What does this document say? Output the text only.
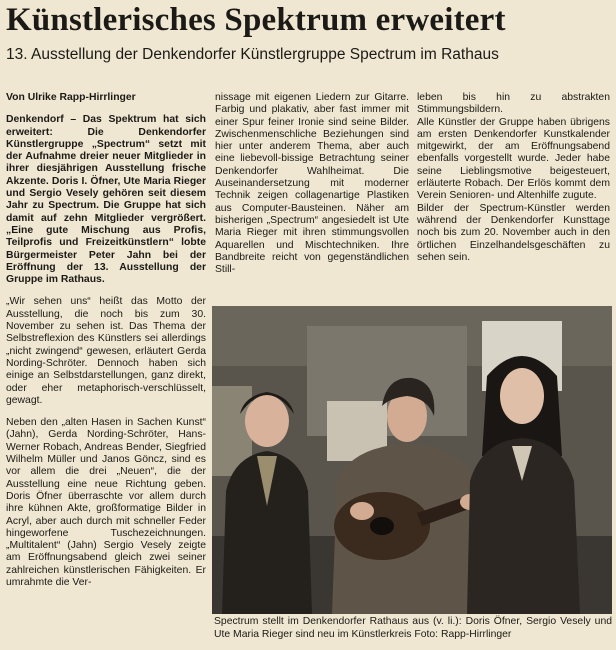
Künstlerisches Spektrum erweitert
13. Ausstellung der Denkendorfer Künstlergruppe Spectrum im Rathaus

Von Ulrike Rapp-Hirrlinger

Denkendorf – Das Spektrum hat sich erweitert: Die Denkendorfer Künstlergruppe „Spectrum“ setzt mit der Aufnahme dreier neuer Mitglieder in ihrer diesjährigen Ausstellung frische Akzente. Doris I. Öfner, Ute Maria Rieger und Sergio Vesely gehören seit diesem Jahr zu Spectrum. Die Gruppe hat sich damit auf zehn Mitglieder vergrößert. „Eine gute Mischung aus Profis, Teilprofis und Freizeitkünstlern“ lobte Bürgermeister Peter Jahn bei der Eröffnung der 13. Ausstellung der Gruppe im Rathaus.

„Wir sehen uns“ heißt das Motto der Ausstellung, die noch bis zum 30. November zu sehen ist. Das Thema der Selbstreflexion des Künstlers sei allerdings „nicht zwingend“ gewesen, erläutert Gerda Nording-Schröter. Dennoch haben sich einige an Selbstdarstellungen, ganz direkt, oder eher metaphorisch-verschlüsselt, gewagt.

Neben den „alten Hasen in Sachen Kunst“ (Jahn), Gerda Nording-Schröter, Hans-Werner Robach, Andreas Bender, Siegfried Wilhelm Müller und Janos Göncz, sind es vor allem die drei „Neuen“, die der Ausstellung eine neue Richtung geben. Doris Öfner überraschte vor allem durch ihre kühnen Akte, großformatige Bilder in Acryl, aber auch durch mit schneller Feder hingeworfene Tuschezeichnungen. „Multitalent“ (Jahn) Sergio Vesely zeigte am Eröffnungsabend gleich zwei seiner zahlreichen künstlerischen Fähigkeiten. Er umrahmte die Ver-

nissage mit eigenen Liedern zur Gitarre. Farbig und plakativ, aber fast immer mit einer Spur feiner Ironie sind seine Bilder. Zwischenmenschliche Beziehungen sind hier unter anderem Thema, aber auch eine liebevoll-bissige Betrachtung seiner Denkendorfer Wahlheimat. Die Auseinandersetzung mit moderner Technik zeigen collagenartige Plastiken aus Computer-Bausteinen. Näher am bisherigen „Spectrum“ angesiedelt ist Ute Maria Rieger mit ihren stimmungsvollen Aquarellen und Mischtechniken. Ihre Bandbreite reicht von gegenständlichen Still-

leben bis hin zu abstrakten Stimmungsbildern.

Alle Künstler der Gruppe haben übrigens am ersten Denkendorfer Kunstkalender mitgewirkt, der am Eröffnungsabend ebenfalls vorgestellt wurde. Jeder habe seine Lieblingsmotive beigesteuert, erläuterte Robach. Der Erlös kommt dem Verein Senioren- und Altenhilfe zugute.

Bilder der Spectrum-Künstler werden während der Denkendorfer Kunsttage noch bis zum 20. November auch in den örtlichen Einzelhandelsgeschäften zu sehen sein.

Spectrum stellt im Denkendorfer Rathaus aus (v. li.): Doris Öfner, Sergio Vesely und Ute Maria Rieger sind neu im Künstlerkreis Foto: Rapp-Hirrlinger
